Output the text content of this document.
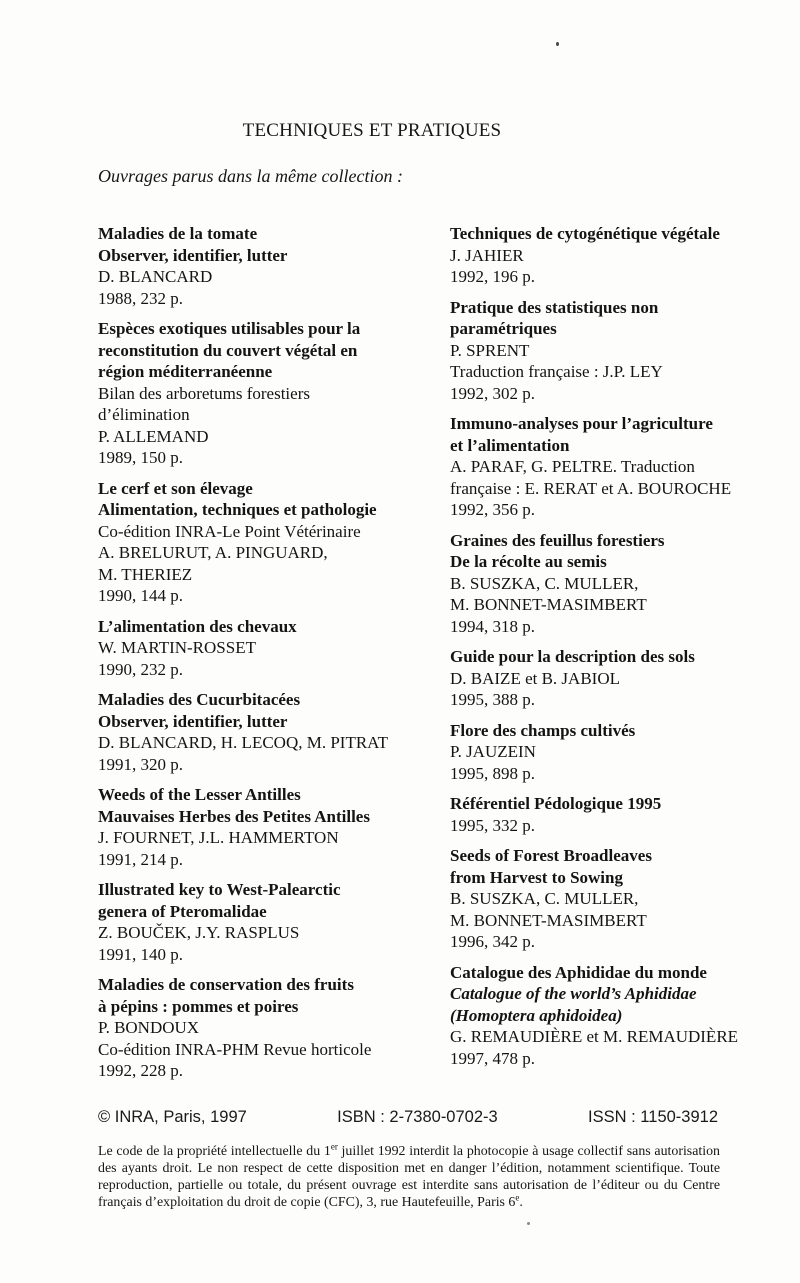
TECHNIQUES ET PRATIQUES

Ouvrages parus dans la même collection :

Maladies de la tomate
Observer, identifier, lutter
D. BLANCARD
1988, 232 p.
Espèces exotiques utilisables pour la
reconstitution du couvert végétal en
région méditerranéenne
Bilan des arboretums forestiers
d’élimination
P. ALLEMAND
1989, 150 p.
Le cerf et son élevage
Alimentation, techniques et pathologie
Co-édition INRA-Le Point Vétérinaire
A. BRELURUT, A. PINGUARD,
M. THERIEZ
1990, 144 p.
L’alimentation des chevaux
W. MARTIN-ROSSET
1990, 232 p.
Maladies des Cucurbitacées
Observer, identifier, lutter
D. BLANCARD, H. LECOQ, M. PITRAT
1991, 320 p.
Weeds of the Lesser Antilles
Mauvaises Herbes des Petites Antilles
J. FOURNET, J.L. HAMMERTON
1991, 214 p.
Illustrated key to West-Palearctic
genera of Pteromalidae
Z. BOUČEK, J.Y. RASPLUS
1991, 140 p.
Maladies de conservation des fruits
à pépins : pommes et poires
P. BONDOUX
Co-édition INRA-PHM Revue horticole
1992, 228 p.
Techniques de cytogénétique végétale
J. JAHIER
1992, 196 p.
Pratique des statistiques non
paramétriques
P. SPRENT
Traduction française : J.P. LEY
1992, 302 p.
Immuno-analyses pour l’agriculture
et l’alimentation
A. PARAF, G. PELTRE. Traduction
française : E. RERAT et A. BOUROCHE
1992, 356 p.
Graines des feuillus forestiers
De la récolte au semis
B. SUSZKA, C. MULLER,
M. BONNET-MASIMBERT
1994, 318 p.
Guide pour la description des sols
D. BAIZE et B. JABIOL
1995, 388 p.
Flore des champs cultivés
P. JAUZEIN
1995, 898 p.
Référentiel Pédologique 1995
1995, 332 p.
Seeds of Forest Broadleaves
from Harvest to Sowing
B. SUSZKA, C. MULLER,
M. BONNET-MASIMBERT
1996, 342 p.
Catalogue des Aphididae du monde
Catalogue of the world’s Aphididae
(Homoptera aphidoidea)
G. REMAUDIÈRE et M. REMAUDIÈRE
1997, 478 p.
© INRA, Paris, 1997	ISBN : 2-7380-0702-3	ISSN : 1150-3912

Le code de la propriété intellectuelle du 1er juillet 1992 interdit la photocopie à usage collectif sans autorisation des ayants droit. Le non respect de cette disposition met en danger l’édition, notamment scientifique. Toute reproduction, partielle ou totale, du présent ouvrage est interdite sans autorisation de l’éditeur ou du Centre français d’exploitation du droit de copie (CFC), 3, rue Hautefeuille, Paris 6e.
